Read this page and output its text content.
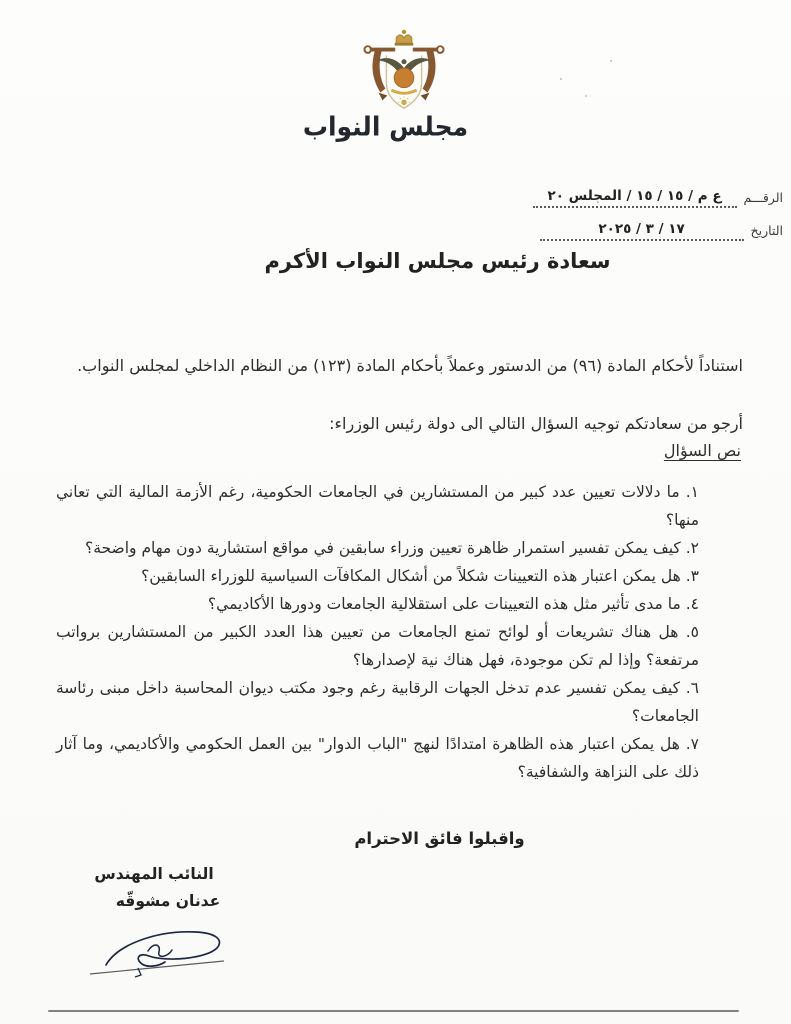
مجلس النواب
الرقـــم
ع م / ١٥ / ١٥ / المجلس ٢٠
التاريخ
١٧ / ٣ / ٢٠٢٥
سعادة رئيس مجلس النواب الأكرم

استناداً لأحكام المادة (٩٦) من الدستور وعملاً بأحكام المادة (١٢٣) من النظام الداخلي لمجلس النواب.

أرجو من سعادتكم توجيه السؤال التالي الى دولة رئيس الوزراء:

نص السؤال
١. ما دلالات تعيين عدد كبير من المستشارين في الجامعات الحكومية، رغم الأزمة المالية التي تعاني منها؟
٢. كيف يمكن تفسير استمرار ظاهرة تعيين وزراء سابقين في مواقع استشارية دون مهام واضحة؟
٣. هل يمكن اعتبار هذه التعيينات شكلاً من أشكال المكافآت السياسية للوزراء السابقين؟
٤. ما مدى تأثير مثل هذه التعيينات على استقلالية الجامعات ودورها الأكاديمي؟
٥. هل هناك تشريعات أو لوائح تمنع الجامعات من تعيين هذا العدد الكبير من المستشارين برواتب مرتفعة؟ وإذا لم تكن موجودة، فهل هناك نية لإصدارها؟
٦. كيف يمكن تفسير عدم تدخل الجهات الرقابية رغم وجود مكتب ديوان المحاسبة داخل مبنى رئاسة الجامعات؟
٧. هل يمكن اعتبار هذه الظاهرة امتدادًا لنهج "الباب الدوار" بين العمل الحكومي والأكاديمي، وما آثار ذلك على النزاهة والشفافية؟
واقبلوا فائق الاحترام
النائب المهندس
عدنان مشوقّه
